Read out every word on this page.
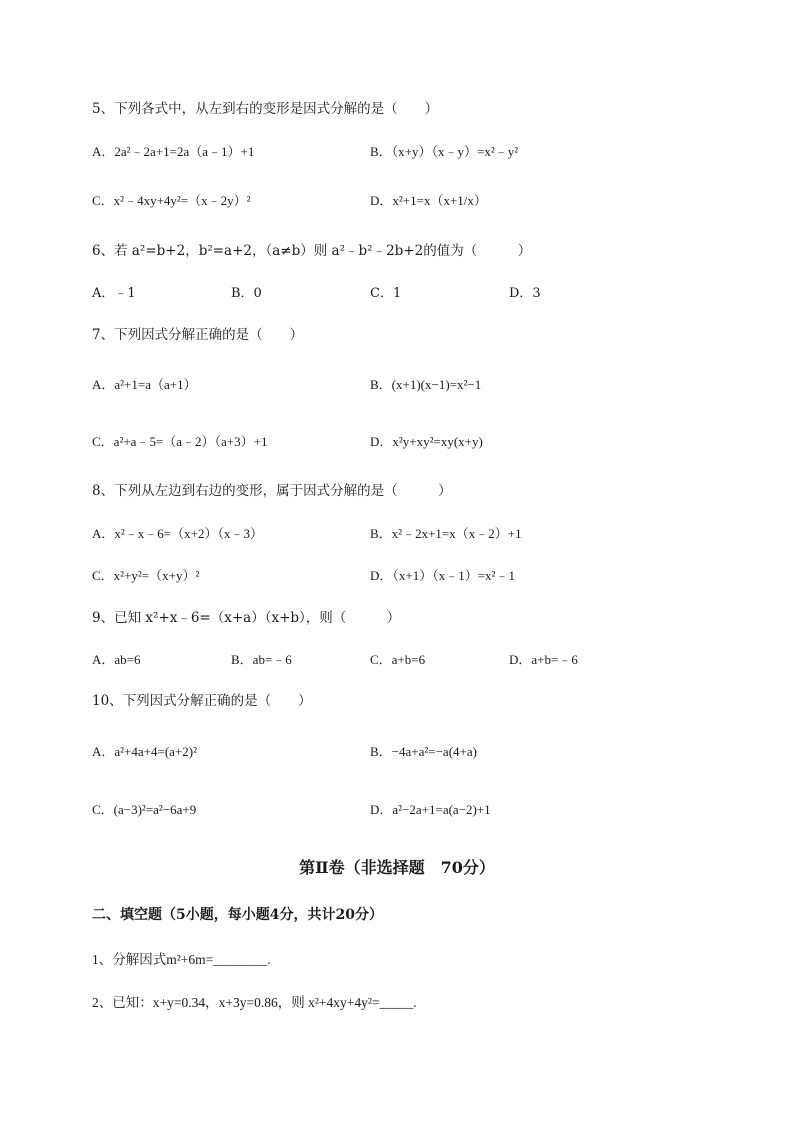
5、下列各式中，从左到右的变形是因式分解的是（　　）
A．2a²﹣2a+1=2a（a﹣1）+1	B．（x+y）（x﹣y）=x²﹣y²
C．x²﹣4xy+4y²=（x﹣2y）²	D．x²+1=x（x+1/x）
6、若 a²=b+2，b²=a+2，（a≠b）则 a²﹣b²﹣2b+2的值为（　　　）
A．﹣1	B．0	C．1	D．3
7、下列因式分解正确的是（　　）
A．a²+1=a（a+1）	B．(x+1)(x−1)=x²−1
C．a²+a﹣5=（a﹣2）（a+3）+1	D．x²y+xy²=xy(x+y)
8、下列从左边到右边的变形，属于因式分解的是（　　　）
A．x²﹣x﹣6=（x+2）（x﹣3）	B．x²﹣2x+1=x（x﹣2）+1
C．x²+y²=（x+y）²	D．（x+1）（x﹣1）=x²﹣1
9、已知 x²+x﹣6=（x+a）（x+b），则（　　　）
A．ab=6	B．ab=﹣6	C．a+b=6	D．a+b=﹣6
10、下列因式分解正确的是（　　）
A．a²+4a+4=(a+2)²	B．−4a+a²=−a(4+a)
C．(a−3)²=a²−6a+9	D．a²−2a+1=a(a−2)+1
第Ⅱ卷（非选择题　70分）
二、填空题（5小题，每小题4分，共计20分）
1、分解因式m²+6m=________.
2、已知：x+y=0.34，x+3y=0.86，则 x²+4xy+4y²=_____.
